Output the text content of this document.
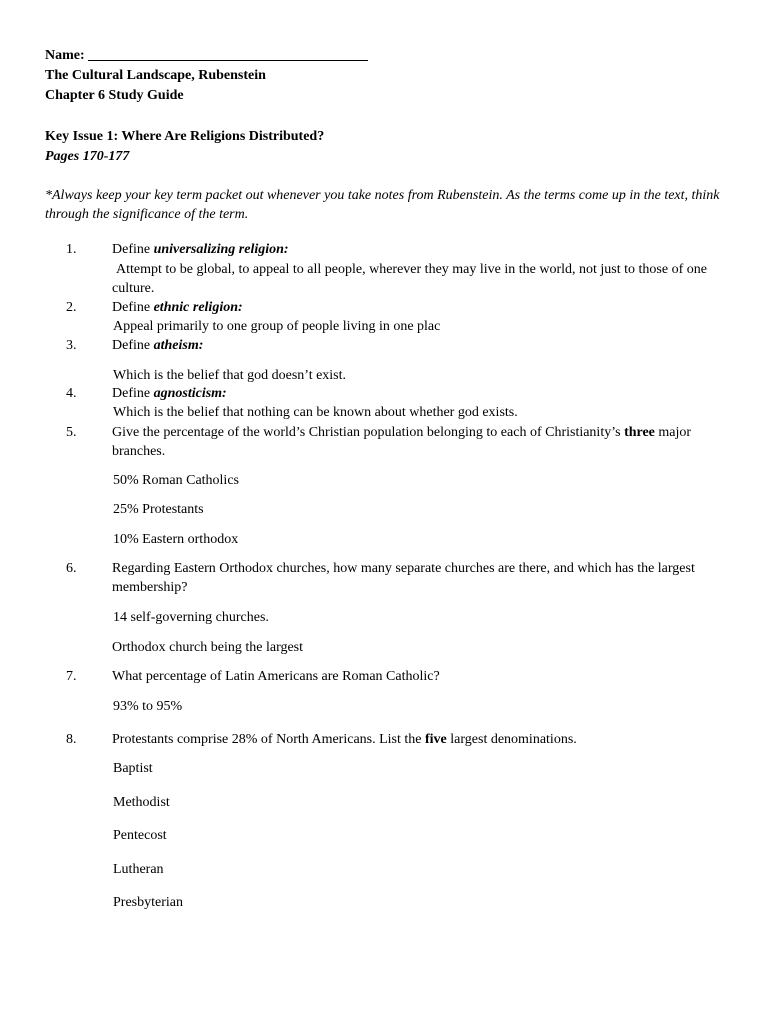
Name:
The Cultural Landscape, Rubenstein
Chapter 6 Study Guide
Key Issue 1: Where Are Religions Distributed?
Pages 170-177
*Always keep your key term packet out whenever you take notes from Rubenstein. As the terms come up in the text, think through the significance of the term.
1.	Define universalizing religion:
Attempt to be global, to appeal to all people, wherever they may live in the world, not just to those of one culture.
2.	Define ethnic religion:
Appeal primarily to one group of people living in one plac
3.	Define atheism:
Which is the belief that god doesn’t exist.
4.	Define agnosticism:
Which is the belief that nothing can be known about whether god exists.
5.	Give the percentage of the world’s Christian population belonging to each of Christianity’s three major branches.
50% Roman Catholics
25% Protestants
10% Eastern orthodox
6.	Regarding Eastern Orthodox churches, how many separate churches are there, and which has the largest membership?
14 self-governing churches.
Orthodox church being the largest
7.	What percentage of Latin Americans are Roman Catholic?
93% to 95%
8.	Protestants comprise 28% of North Americans. List the five largest denominations.
Baptist
Methodist
Pentecost
Lutheran
Presbyterian
